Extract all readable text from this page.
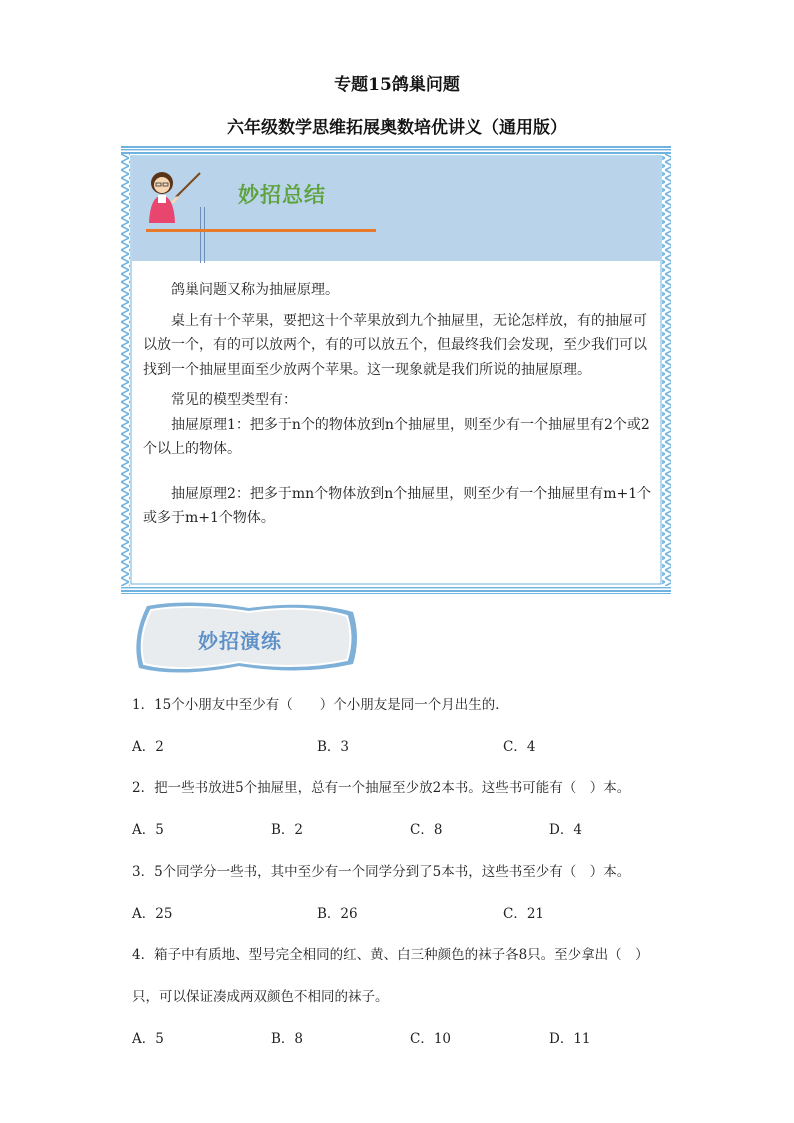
专题15鸽巢问题
六年级数学思维拓展奥数培优讲义（通用版）
妙招总结

鸽巢问题又称为抽屉原理。

桌上有十个苹果，要把这十个苹果放到九个抽屉里，无论怎样放，有的抽屉可以放一个，有的可以放两个，有的可以放五个，但最终我们会发现，至少我们可以找到一个抽屉里面至少放两个苹果。这一现象就是我们所说的抽屉原理。

常见的模型类型有：

抽屉原理1：把多于n个的物体放到n个抽屉里，则至少有一个抽屉里有2个或2个以上的物体。

抽屉原理2：把多于mn个物体放到n个抽屉里，则至少有一个抽屉里有m+1个或多于m+1个物体。

妙招演练
1．15个小朋友中至少有（　　）个小朋友是同一个月出生的．
A．2	B．3	C．4
2．把一些书放进5个抽屉里，总有一个抽屉至少放2本书。这些书可能有（　）本。
A．5	B．2	C．8	D．4
3．5个同学分一些书，其中至少有一个同学分到了5本书，这些书至少有（　）本。
A．25	B．26	C．21
4．箱子中有质地、型号完全相同的红、黄、白三种颜色的袜子各8只。至少拿出（　）
只，可以保证凑成两双颜色不相同的袜子。
A．5	B．8	C．10	D．11
